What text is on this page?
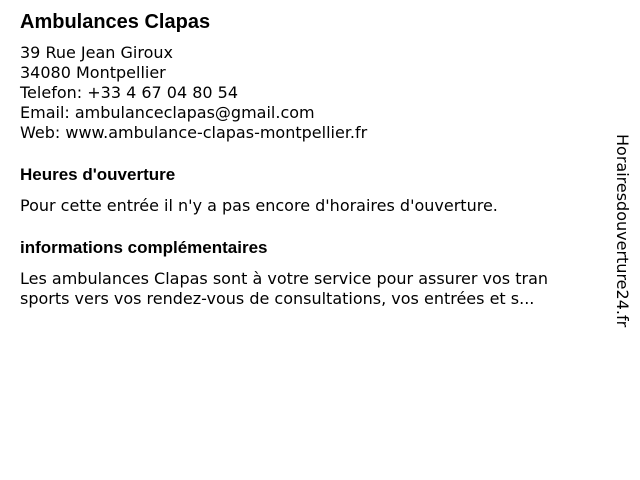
Ambulances Clapas
39 Rue Jean Giroux
34080 Montpellier
Telefon: +33 4 67 04 80 54
Email: ambulanceclapas@gmail.com
Web: www.ambulance-clapas-montpellier.fr
Heures d'ouverture
Pour cette entrée il n'y a pas encore d'horaires d'ouverture.
informations complémentaires
Les ambulances Clapas sont à votre service pour assurer vos tran
sports vers vos rendez-vous de consultations, vos entrées et s...	Horairesdouverture24.fr
